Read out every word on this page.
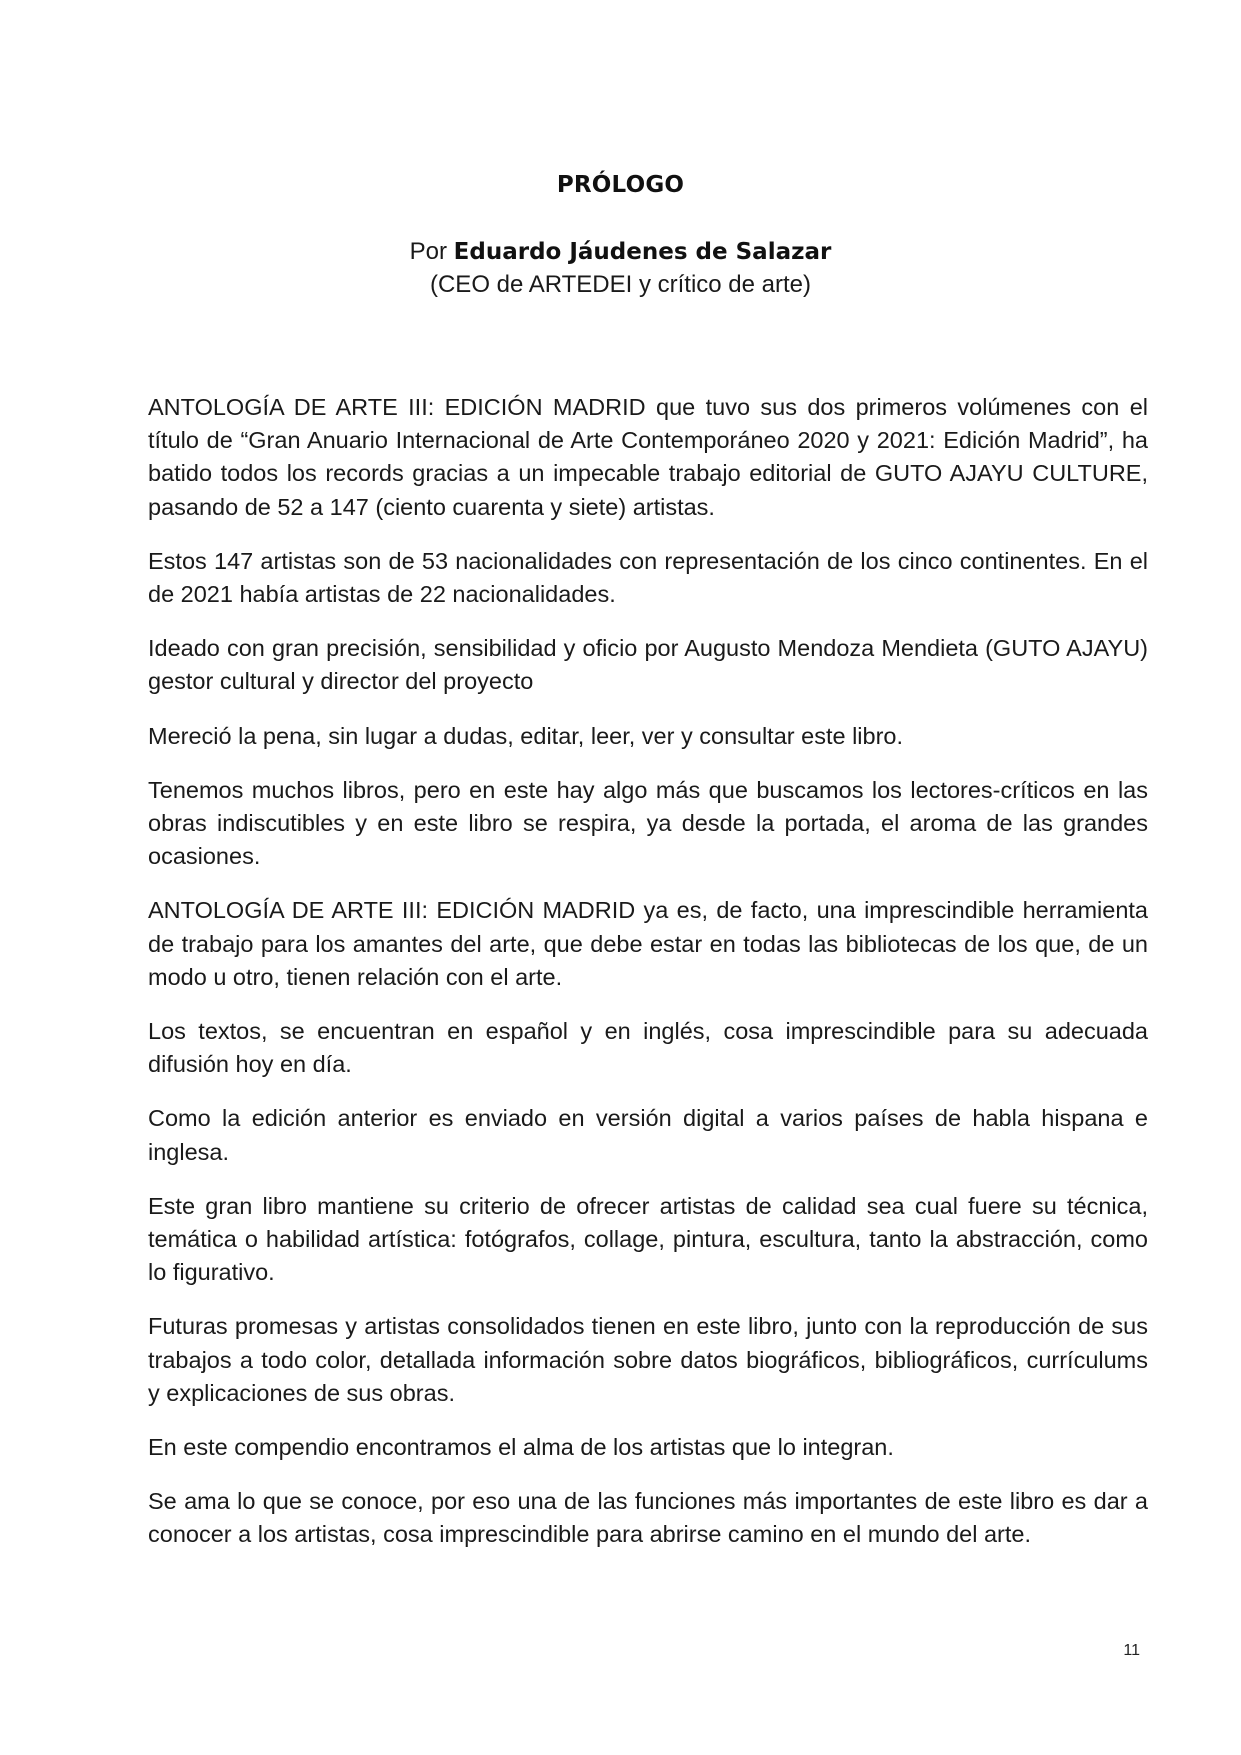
PRÓLOGO

Por Eduardo Jáudenes de Salazar

(CEO de ARTEDEI y crítico de arte)

ANTOLOGÍA DE ARTE III: EDICIÓN MADRID que tuvo sus dos primeros volúmenes con el título de “Gran Anuario Internacional de Arte Contemporáneo 2020 y 2021: Edición Madrid”, ha batido todos los records gracias a un impecable trabajo editorial de GUTO AJAYU CULTURE, pasando de 52 a 147 (ciento cuarenta y siete) artistas.

Estos 147 artistas son de 53 nacionalidades con representación de los cinco continentes. En el de 2021 había artistas de 22 nacionalidades.

Ideado con gran precisión, sensibilidad y oficio por Augusto Mendoza Mendieta (GUTO AJAYU) gestor cultural y director del proyecto

Mereció la pena, sin lugar a dudas, editar, leer, ver y consultar este libro.

Tenemos muchos libros, pero en este hay algo más que buscamos los lectores-críticos en las obras indiscutibles y en este libro se respira, ya desde la portada, el aroma de las grandes ocasiones.

ANTOLOGÍA DE ARTE III: EDICIÓN MADRID ya es, de facto, una imprescindible herramienta de trabajo para los amantes del arte, que debe estar en todas las bibliotecas de los que, de un modo u otro, tienen relación con el arte.

Los textos, se encuentran en español y en inglés, cosa imprescindible para su adecuada difusión hoy en día.

Como la edición anterior es enviado en versión digital a varios países de habla hispana e inglesa.

Este gran libro mantiene su criterio de ofrecer artistas de calidad sea cual fuere su técnica, temática o habilidad artística: fotógrafos, collage, pintura, escultura, tanto la abstracción, como lo figurativo.

Futuras promesas y artistas consolidados tienen en este libro, junto con la reproducción de sus trabajos a todo color, detallada información sobre datos biográficos, bibliográficos, currículums y explicaciones de sus obras.

En este compendio encontramos el alma de los artistas que lo integran.

Se ama lo que se conoce, por eso una de las funciones más importantes de este libro es dar a conocer a los artistas, cosa imprescindible para abrirse camino en el mundo del arte.

11
